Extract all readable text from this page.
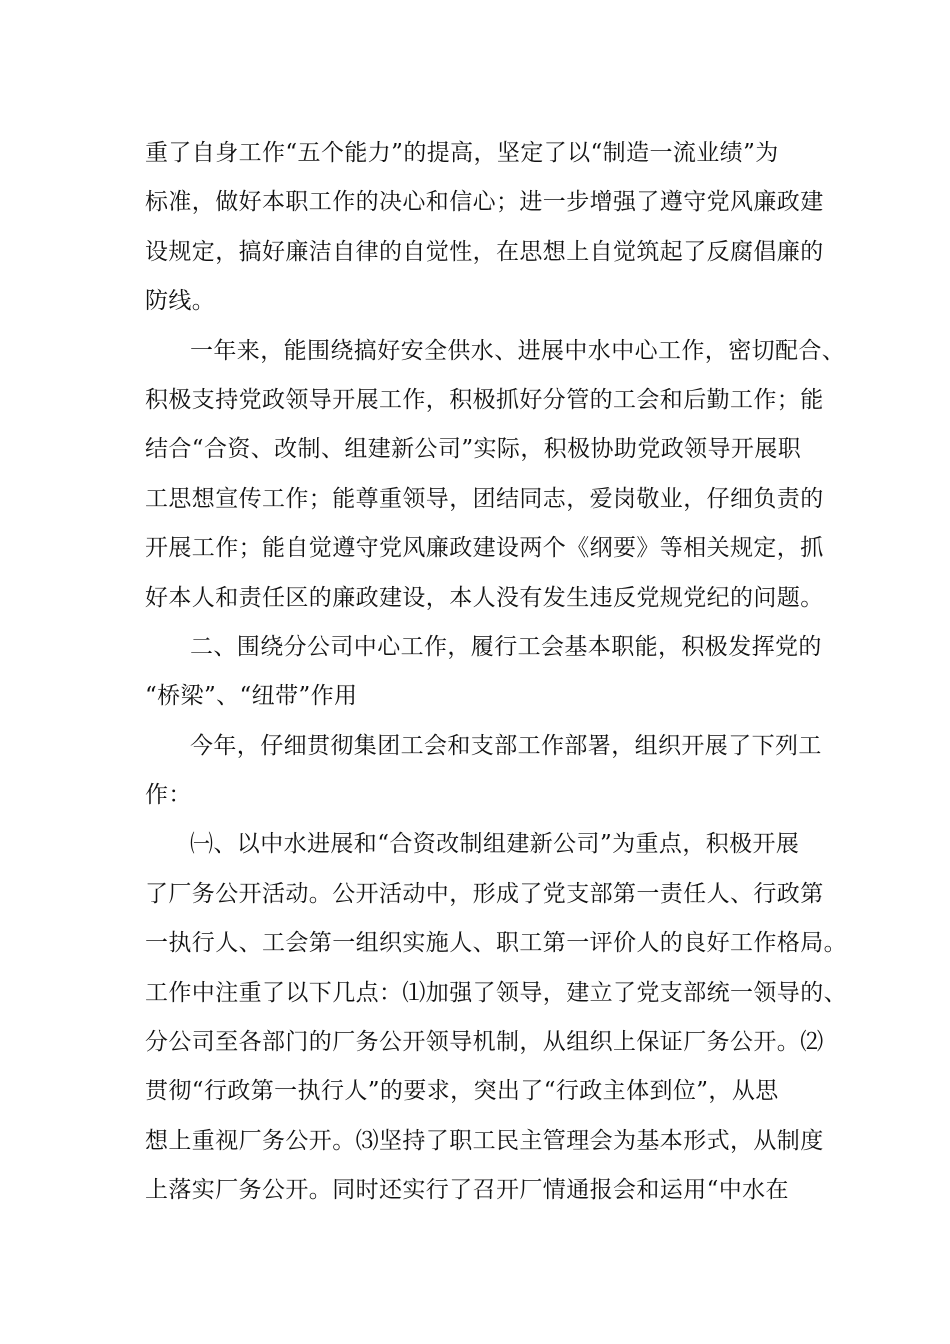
重了自身工作“五个能力”的提高，坚定了以“制造一流业绩”为
标准，做好本职工作的决心和信心；进一步增强了遵守党风廉政建
设规定，搞好廉洁自律的自觉性，在思想上自觉筑起了反腐倡廉的
防线。
一年来，能围绕搞好安全供水、进展中水中心工作，密切配合、
积极支持党政领导开展工作，积极抓好分管的工会和后勤工作；能
结合“合资、改制、组建新公司”实际，积极协助党政领导开展职
工思想宣传工作；能尊重领导，团结同志，爱岗敬业，仔细负责的
开展工作；能自觉遵守党风廉政建设两个《纲要》等相关规定，抓
好本人和责任区的廉政建设，本人没有发生违反党规党纪的问题。
二、围绕分公司中心工作，履行工会基本职能，积极发挥党的
“桥梁”、“纽带”作用
今年，仔细贯彻集团工会和支部工作部署，组织开展了下列工
作：
㈠、以中水进展和“合资改制组建新公司”为重点，积极开展
了厂务公开活动。公开活动中，形成了党支部第一责任人、行政第
一执行人、工会第一组织实施人、职工第一评价人的良好工作格局。
工作中注重了以下几点：⑴加强了领导，建立了党支部统一领导的、
分公司至各部门的厂务公开领导机制，从组织上保证厂务公开。⑵
贯彻“行政第一执行人”的要求，突出了“行政主体到位”，从思
想上重视厂务公开。⑶坚持了职工民主管理会为基本形式，从制度
上落实厂务公开。同时还实行了召开厂情通报会和运用“中水在
